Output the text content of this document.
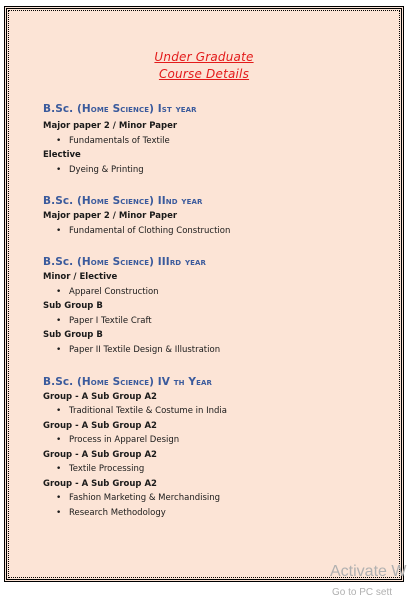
Under Graduate
Course Details
B.Sc. (Home Science) Ist year
Major paper 2 / Minor Paper
• Fundamentals of Textile
Elective
• Dyeing & Printing
B.Sc. (Home Science) IInd year
Major paper 2 / Minor Paper
• Fundamental of Clothing Construction
B.Sc. (Home Science) IIIrd year
Minor / Elective
• Apparel Construction
Sub Group B
• Paper I Textile Craft
Sub Group B
• Paper II Textile Design & Illustration
B.Sc. (Home Science) IV th Year
Group - A Sub Group A2
• Traditional Textile & Costume in India
Group - A Sub Group A2
• Process in Apparel Design
Group - A Sub Group A2
• Textile Processing
Group - A Sub Group A2
• Fashion Marketing & Merchandising
• Research Methodology
Activate W
Go to PC sett
